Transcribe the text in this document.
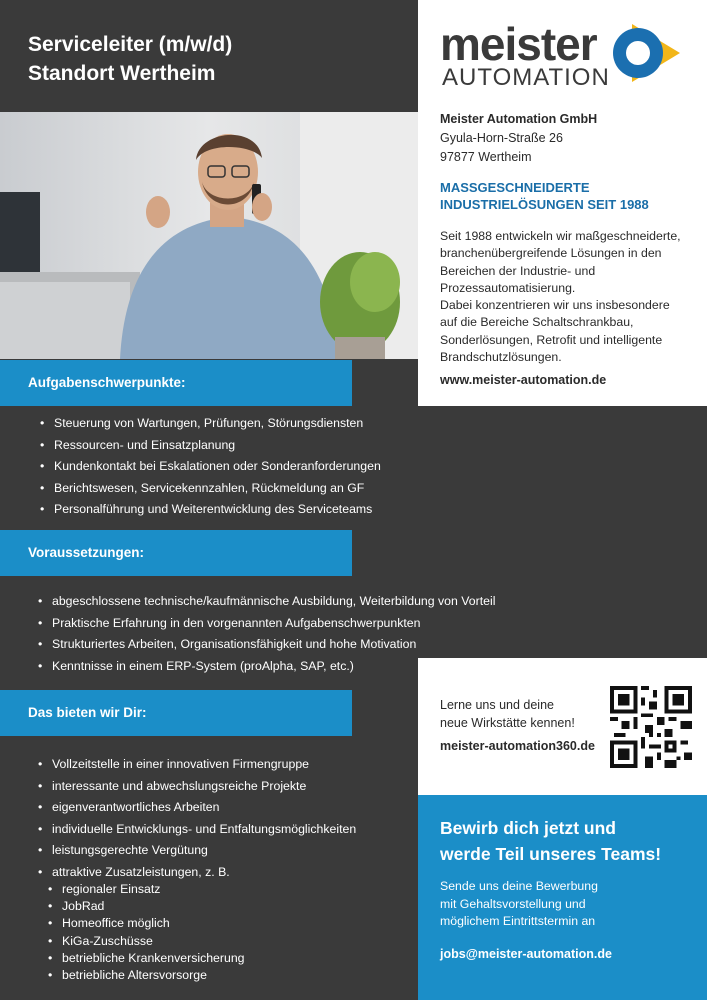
Serviceleiter (m/w/d)
Standort Wertheim
meister
AUTOMATION
Meister Automation GmbH
Gyula-Horn-Straße 26
97877 Wertheim
MASSGESCHNEIDERTE
INDUSTRIELÖSUNGEN SEIT 1988
Seit 1988 entwickeln wir maßgeschneiderte,
branchenübergreifende Lösungen in den
Bereichen der Industrie- und
Prozessautomatisierung.
Dabei konzentrieren wir uns insbesondere
auf die Bereiche Schaltschrankbau,
Sonderlösungen, Retrofit und intelligente
Brandschutzlösungen.
www.meister-automation.de
Aufgabenschwerpunkte:
• Steuerung von Wartungen, Prüfungen, Störungsdiensten
• Ressourcen- und Einsatzplanung
• Kundenkontakt bei Eskalationen oder Sonderanforderungen
• Berichtswesen, Servicekennzahlen, Rückmeldung an GF
• Personalführung und Weiterentwicklung des Serviceteams
Voraussetzungen:
• abgeschlossene technische/kaufmännische Ausbildung, Weiterbildung von Vorteil
• Praktische Erfahrung in den vorgenannten Aufgabenschwerpunkten
• Strukturiertes Arbeiten, Organisationsfähigkeit und hohe Motivation
• Kenntnisse in einem ERP-System (proAlpha, SAP, etc.)
Lerne uns und deine
neue Wirkstätte kennen!
meister-automation360.de
Das bieten wir Dir:
• Vollzeitstelle in einer innovativen Firmengruppe
• interessante und abwechslungsreiche Projekte
• eigenverantwortliches Arbeiten
• individuelle Entwicklungs- und Entfaltungsmöglichkeiten
• leistungsgerechte Vergütung
• attraktive Zusatzleistungen, z. B.
• regionaler Einsatz
• JobRad
• Homeoffice möglich
• KiGa-Zuschüsse
• betriebliche Krankenversicherung
• betriebliche Altersvorsorge
Bewirb dich jetzt und
werde Teil unseres Teams!
Sende uns deine Bewerbung
mit Gehaltsvorstellung und
möglichem Eintrittstermin an
jobs@meister-automation.de
